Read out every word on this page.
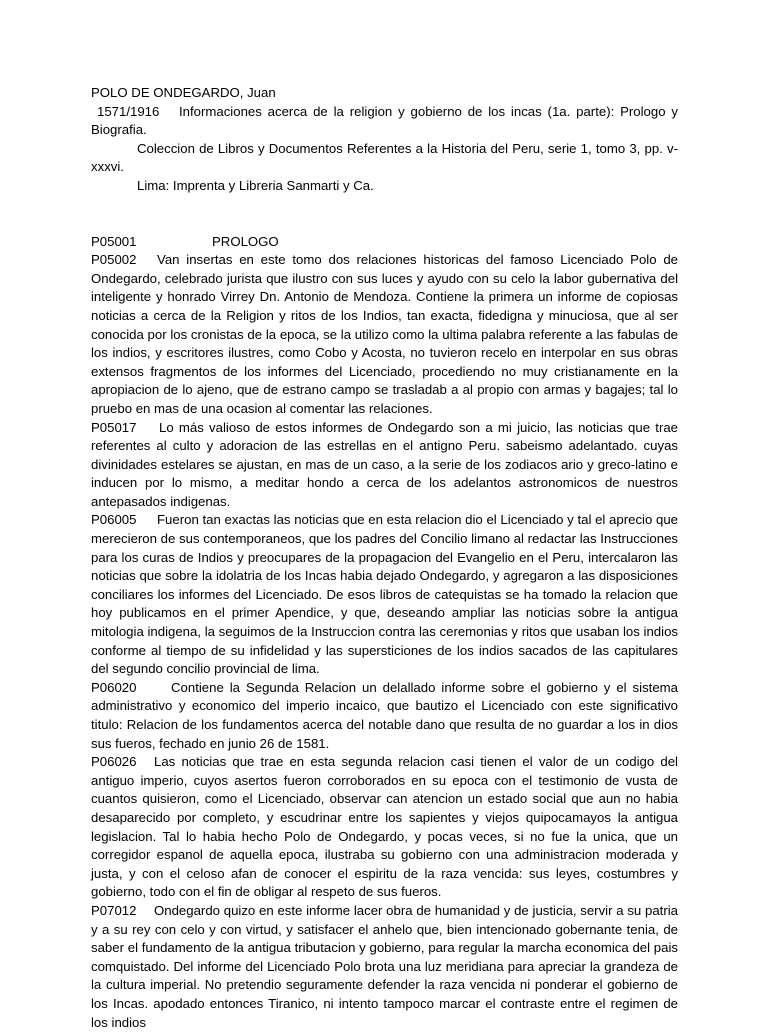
POLO DE ONDEGARDO, Juan

1571/1916 Informaciones acerca de la religion y gobierno de los incas (1a. parte): Prologo y Biografia.

Coleccion de Libros y Documentos Referentes a la Historia del Peru, serie 1, tomo 3, pp. v-xxxvi.

Lima: Imprenta y Libreria Sanmarti y Ca.

P05001	PROLOGO

P05002 Van insertas en este tomo dos relaciones historicas del famoso Licenciado Polo de Ondegardo, celebrado jurista que ilustro con sus luces y ayudo con su celo la labor gubernativa del inteligente y honrado Virrey Dn. Antonio de Mendoza. Contiene la primera un informe de copiosas noticias a cerca de la Religion y ritos de los Indios, tan exacta, fidedigna y minuciosa, que al ser conocida por los cronistas de la epoca, se la utilizo como la ultima palabra referente a las fabulas de los indios, y escritores ilustres, como Cobo y Acosta, no tuvieron recelo en interpolar en sus obras extensos fragmentos de los informes del Licenciado, procediendo no muy cristianamente en la apropiacion de lo ajeno, que de estrano campo se trasladab a al propio con armas y bagajes; tal lo pruebo en mas de una ocasion al comentar las relaciones.

P05017 Lo más valioso de estos informes de Ondegardo son a mi juicio, las noticias que trae referentes al culto y adoracion de las estrellas en el antigno Peru. sabeismo adelantado. cuyas divinidades estelares se ajustan, en mas de un caso, a la serie de los zodiacos ario y greco-latino e inducen por lo mismo, a meditar hondo a cerca de los adelantos astronomicos de nuestros antepasados indigenas.

P06005 Fueron tan exactas las noticias que en esta relacion dio el Licenciado y tal el aprecio que merecieron de sus contemporaneos, que los padres del Concilio limano al redactar las Instrucciones para los curas de Indios y preocupares de la propagacion del Evangelio en el Peru, intercalaron las noticias que sobre la idolatria de los Incas habia dejado Ondegardo, y agregaron a las disposiciones conciliares los informes del Licenciado. De esos libros de catequistas se ha tomado la relacion que hoy publicamos en el primer Apendice, y que, deseando ampliar las noticias sobre la antigua mitologia indigena, la seguimos de la Instruccion contra las ceremonias y ritos que usaban los indios conforme al tiempo de su infidelidad y las supersticiones de los indios sacados de las capitulares del segundo concilio provincial de lima.

P06020	Contiene la Segunda Relacion un delallado informe sobre el gobierno y el sistema administrativo y economico del imperio incaico, que bautizo el Licenciado con este significativo titulo: Relacion de los fundamentos acerca del notable dano que resulta de no guardar a los in dios sus fueros, fechado en junio 26 de 1581.

P06026 Las noticias que trae en esta segunda relacion casi tienen el valor de un codigo del antiguo imperio, cuyos asertos fueron corroborados en su epoca con el testimonio de vusta de cuantos quisieron, como el Licenciado, observar can atencion un estado social que aun no habia desaparecido por completo, y escudrinar entre los sapientes y viejos quipocamayos la antigua legislacion. Tal lo habia hecho Polo de Ondegardo, y pocas veces, si no fue la unica, que un corregidor espanol de aquella epoca, ilustraba su gobierno con una administracion moderada y justa, y con el celoso afan de conocer el espiritu de la raza vencida: sus leyes, costumbres y gobierno, todo con el fin de obligar al respeto de sus fueros.

P07012 Ondegardo quizo en este informe lacer obra de humanidad y de justicia, servir a su patria y a su rey con celo y con virtud, y satisfacer el anhelo que, bien intencionado gobernante tenia, de saber el fundamento de la antigua tributacion y gobierno, para regular la marcha economica del pais comquistado. Del informe del Licenciado Polo brota una luz meridiana para apreciar la grandeza de la cultura imperial. No pretendio seguramente defender la raza vencida ni ponderar el gobierno de los Incas. apodado entonces Tiranico, ni intento tampoco marcar el contraste entre el regimen de los indios
